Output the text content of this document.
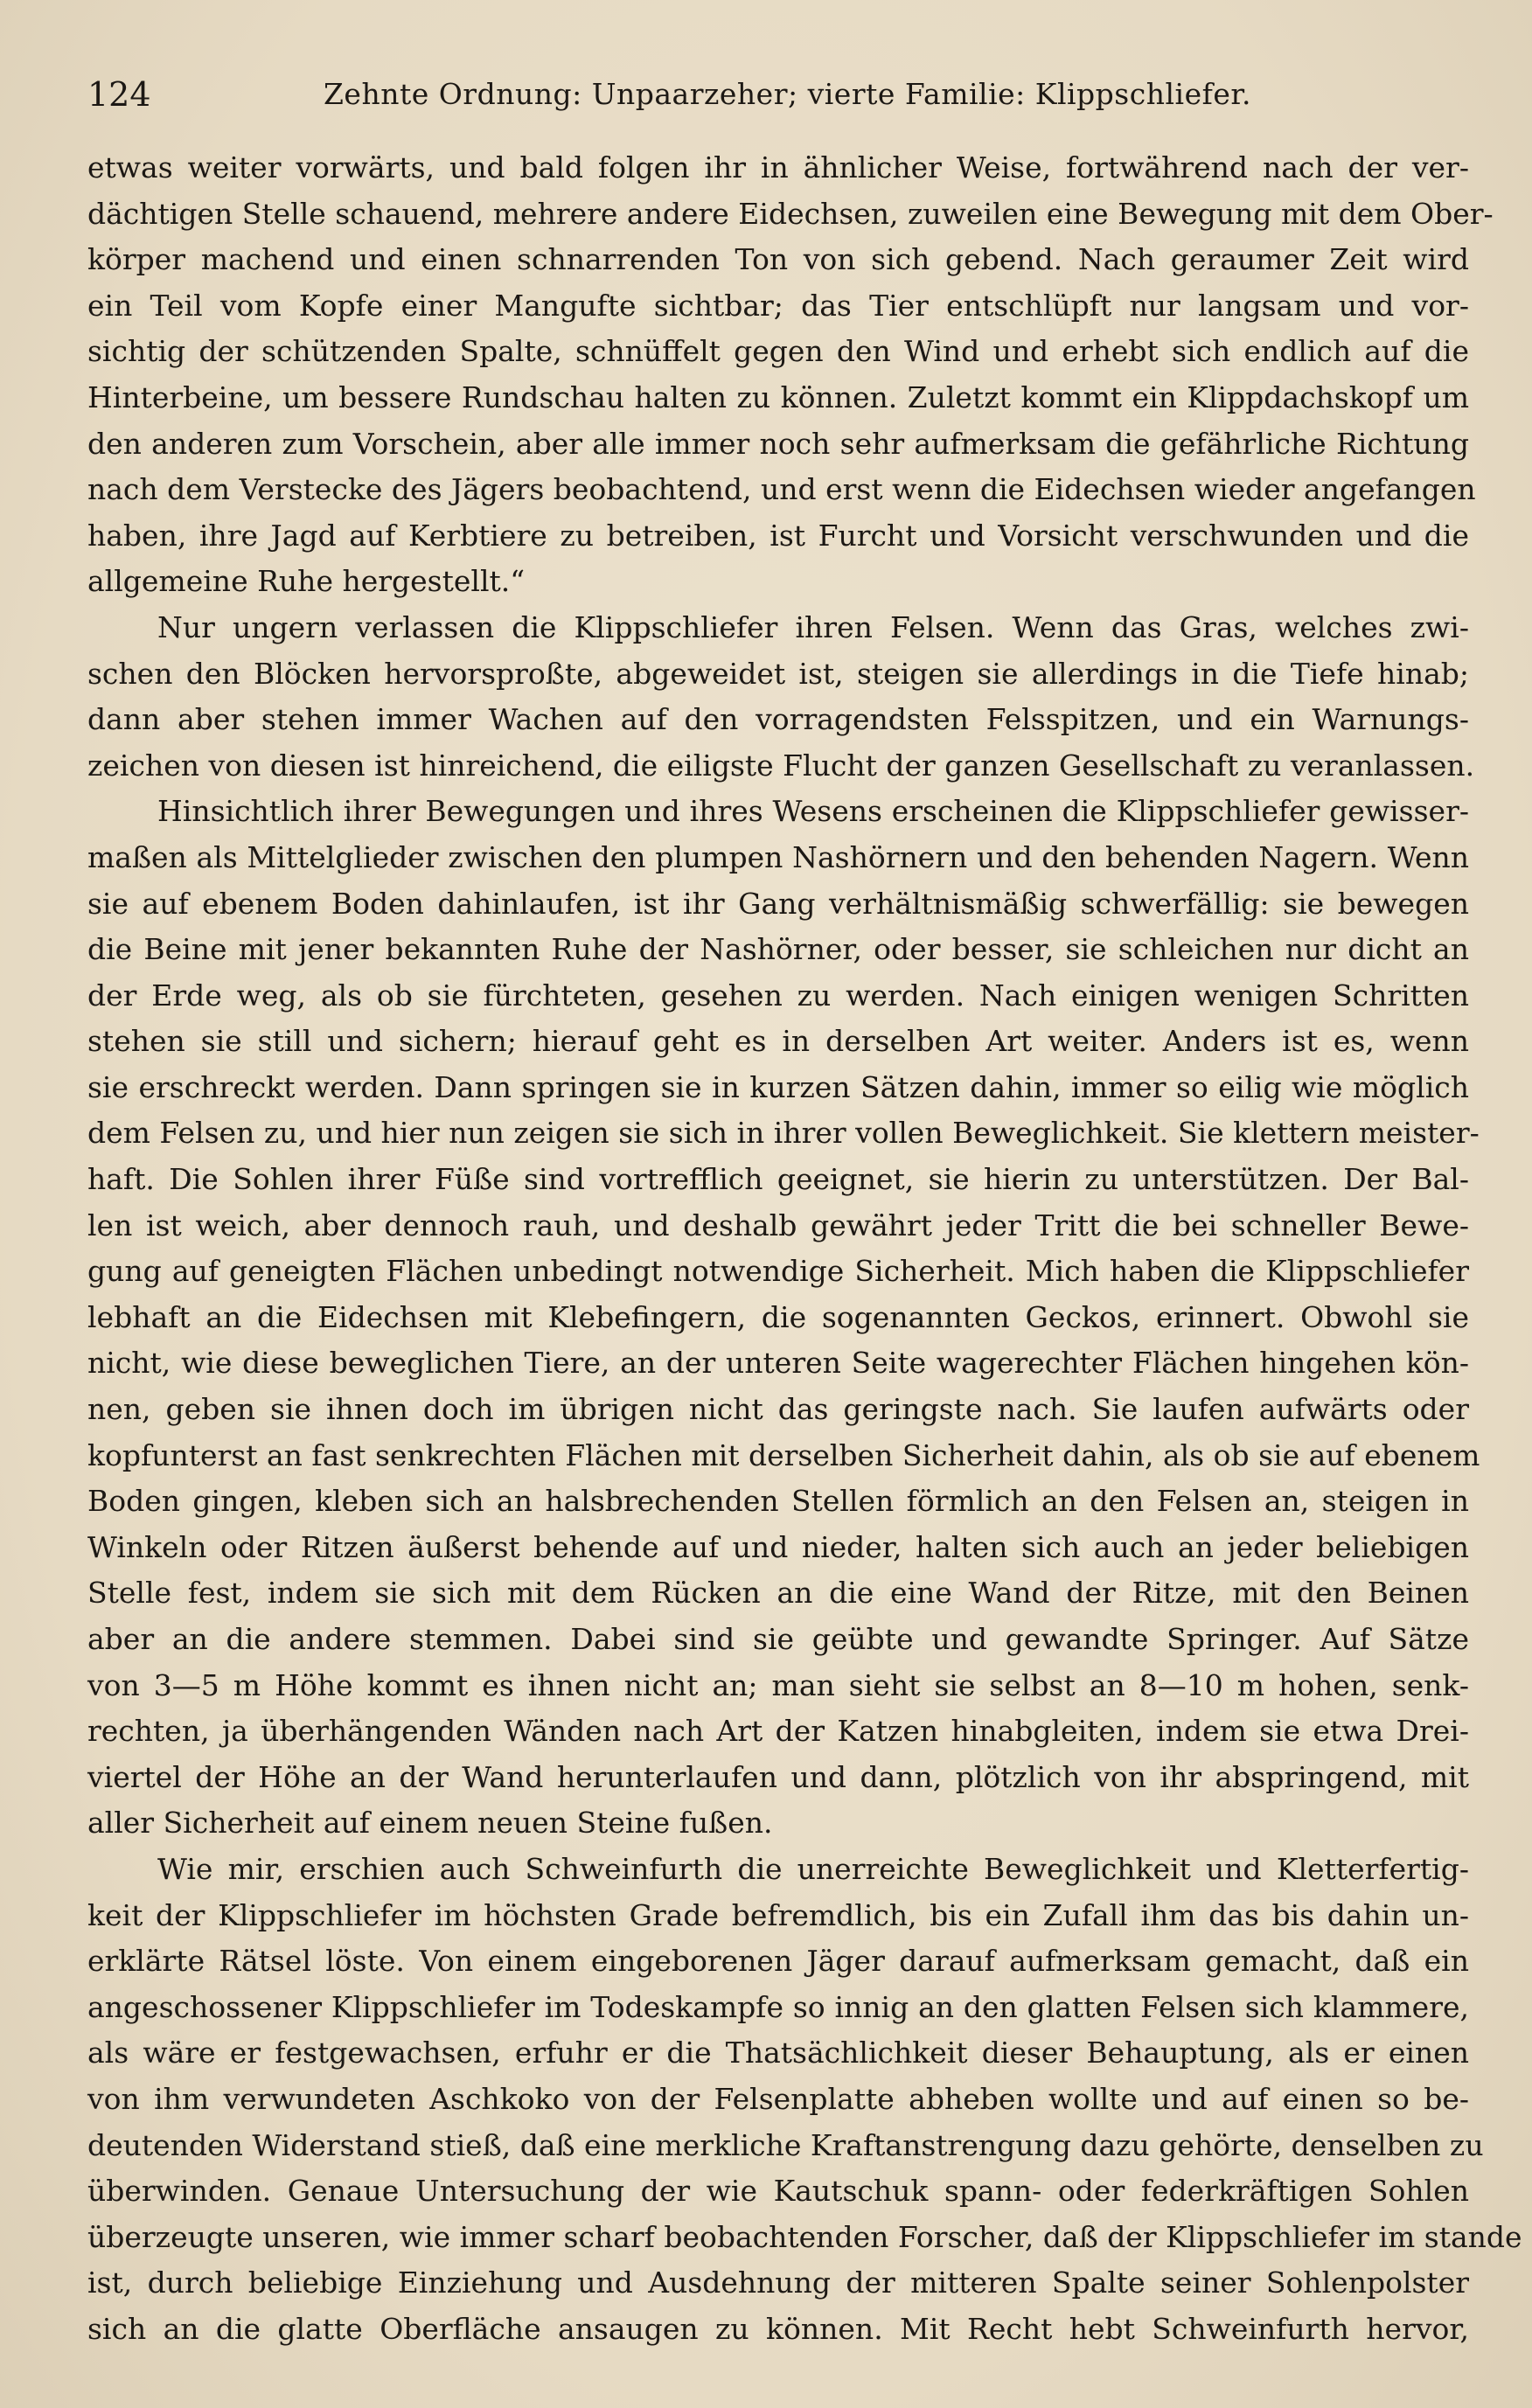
124	Zehnte Ordnung: Unpaarzeher; vierte Familie: Klippschliefer.
etwas weiter vorwärts, und bald folgen ihr in ähnlicher Weise, fortwährend nach der ver-
dächtigen Stelle schauend, mehrere andere Eidechsen, zuweilen eine Bewegung mit dem Ober-
körper machend und einen schnarrenden Ton von sich gebend. Nach geraumer Zeit wird
ein Teil vom Kopfe einer Mangufte sichtbar; das Tier entschlüpft nur langsam und vor-
sichtig der schützenden Spalte, schnüffelt gegen den Wind und erhebt sich endlich auf die
Hinterbeine, um bessere Rundschau halten zu können. Zuletzt kommt ein Klippdachskopf um
den anderen zum Vorschein, aber alle immer noch sehr aufmerksam die gefährliche Richtung
nach dem Verstecke des Jägers beobachtend, und erst wenn die Eidechsen wieder angefangen
haben, ihre Jagd auf Kerbtiere zu betreiben, ist Furcht und Vorsicht verschwunden und die
allgemeine Ruhe hergestellt.“
Nur ungern verlassen die Klippschliefer ihren Felsen. Wenn das Gras, welches zwi-
schen den Blöcken hervorsproßte, abgeweidet ist, steigen sie allerdings in die Tiefe hinab;
dann aber stehen immer Wachen auf den vorragendsten Felsspitzen, und ein Warnungs-
zeichen von diesen ist hinreichend, die eiligste Flucht der ganzen Gesellschaft zu veranlassen.
Hinsichtlich ihrer Bewegungen und ihres Wesens erscheinen die Klippschliefer gewisser-
maßen als Mittelglieder zwischen den plumpen Nashörnern und den behenden Nagern. Wenn
sie auf ebenem Boden dahinlaufen, ist ihr Gang verhältnismäßig schwerfällig: sie bewegen
die Beine mit jener bekannten Ruhe der Nashörner, oder besser, sie schleichen nur dicht an
der Erde weg, als ob sie fürchteten, gesehen zu werden. Nach einigen wenigen Schritten
stehen sie still und sichern; hierauf geht es in derselben Art weiter. Anders ist es, wenn
sie erschreckt werden. Dann springen sie in kurzen Sätzen dahin, immer so eilig wie möglich
dem Felsen zu, und hier nun zeigen sie sich in ihrer vollen Beweglichkeit. Sie klettern meister-
haft. Die Sohlen ihrer Füße sind vortrefflich geeignet, sie hierin zu unterstützen. Der Bal-
len ist weich, aber dennoch rauh, und deshalb gewährt jeder Tritt die bei schneller Bewe-
gung auf geneigten Flächen unbedingt notwendige Sicherheit. Mich haben die Klippschliefer
lebhaft an die Eidechsen mit Klebefingern, die sogenannten Geckos, erinnert. Obwohl sie
nicht, wie diese beweglichen Tiere, an der unteren Seite wagerechter Flächen hingehen kön-
nen, geben sie ihnen doch im übrigen nicht das geringste nach. Sie laufen aufwärts oder
kopfunterst an fast senkrechten Flächen mit derselben Sicherheit dahin, als ob sie auf ebenem
Boden gingen, kleben sich an halsbrechenden Stellen förmlich an den Felsen an, steigen in
Winkeln oder Ritzen äußerst behende auf und nieder, halten sich auch an jeder beliebigen
Stelle fest, indem sie sich mit dem Rücken an die eine Wand der Ritze, mit den Beinen
aber an die andere stemmen. Dabei sind sie geübte und gewandte Springer. Auf Sätze
von 3—5 m Höhe kommt es ihnen nicht an; man sieht sie selbst an 8—10 m hohen, senk-
rechten, ja überhängenden Wänden nach Art der Katzen hinabgleiten, indem sie etwa Drei-
viertel der Höhe an der Wand herunterlaufen und dann, plötzlich von ihr abspringend, mit
aller Sicherheit auf einem neuen Steine fußen.
Wie mir, erschien auch Schweinfurth die unerreichte Beweglichkeit und Kletterfertig-
keit der Klippschliefer im höchsten Grade befremdlich, bis ein Zufall ihm das bis dahin un-
erklärte Rätsel löste. Von einem eingeborenen Jäger darauf aufmerksam gemacht, daß ein
angeschossener Klippschliefer im Todeskampfe so innig an den glatten Felsen sich klammere,
als wäre er festgewachsen, erfuhr er die Thatsächlichkeit dieser Behauptung, als er einen
von ihm verwundeten Aschkoko von der Felsenplatte abheben wollte und auf einen so be-
deutenden Widerstand stieß, daß eine merkliche Kraftanstrengung dazu gehörte, denselben zu
überwinden. Genaue Untersuchung der wie Kautschuk spann- oder federkräftigen Sohlen
überzeugte unseren, wie immer scharf beobachtenden Forscher, daß der Klippschliefer im stande
ist, durch beliebige Einziehung und Ausdehnung der mitteren Spalte seiner Sohlenpolster
sich an die glatte Oberfläche ansaugen zu können. Mit Recht hebt Schweinfurth hervor,
